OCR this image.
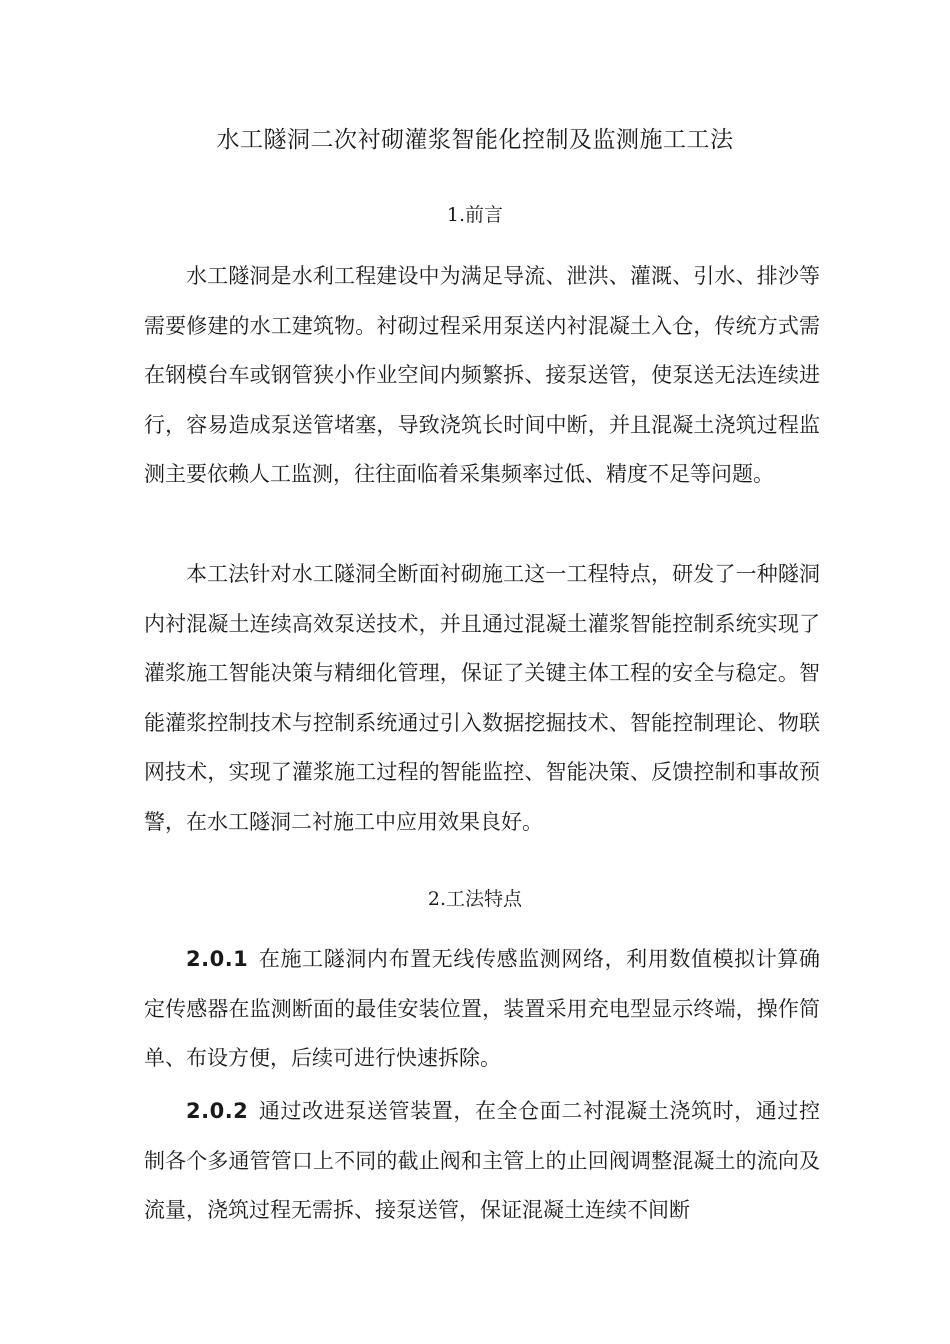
水工隧洞二次衬砌灌浆智能化控制及监测施工工法
1.前言

水工隧洞是水利工程建设中为满足导流、泄洪、灌溉、引水、排沙等需要修建的水工建筑物。衬砌过程采用泵送内衬混凝土入仓，传统方式需在钢模台车或钢管狭小作业空间内频繁拆、接泵送管，使泵送无法连续进行，容易造成泵送管堵塞，导致浇筑长时间中断，并且混凝土浇筑过程监测主要依赖人工监测，往往面临着采集频率过低、精度不足等问题。

本工法针对水工隧洞全断面衬砌施工这一工程特点，研发了一种隧洞内衬混凝土连续高效泵送技术，并且通过混凝土灌浆智能控制系统实现了灌浆施工智能决策与精细化管理，保证了关键主体工程的安全与稳定。智能灌浆控制技术与控制系统通过引入数据挖掘技术、智能控制理论、物联网技术，实现了灌浆施工过程的智能监控、智能决策、反馈控制和事故预警，在水工隧洞二衬施工中应用效果良好。

2.工法特点

2.0.1 在施工隧洞内布置无线传感监测网络，利用数值模拟计算确定传感器在监测断面的最佳安装位置，装置采用充电型显示终端，操作简单、布设方便，后续可进行快速拆除。

2.0.2 通过改进泵送管装置，在全仓面二衬混凝土浇筑时，通过控制各个多通管管口上不同的截止阀和主管上的止回阀调整混凝土的流向及流量，浇筑过程无需拆、接泵送管，保证混凝土连续不间断
